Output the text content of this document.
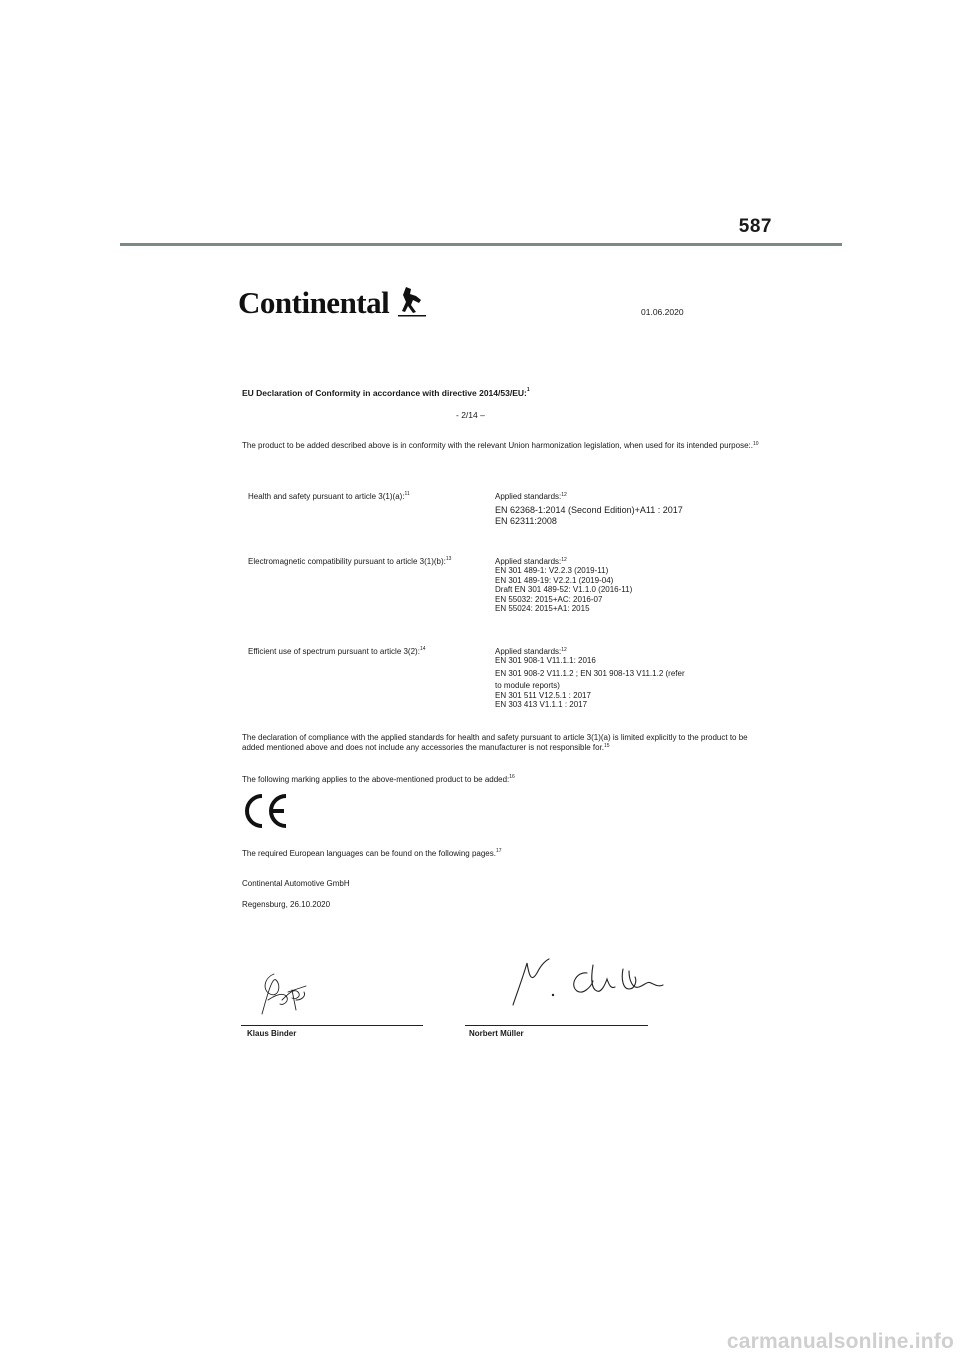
587
Continental	01.06.2020
EU Declaration of Conformity in accordance with directive 2014/53/EU:$^1$
- 2/14 –
The product to be added described above is in conformity with the relevant Union harmonization legislation, when used for its intended purpose:.$^{10}$
Health and safety pursuant to article 3(1)(a):$^{11}$	Applied standards:$^{12}$
EN 62368-1:2014 (Second Edition)+A11 : 2017
EN 62311:2008
Electromagnetic compatibility pursuant to article 3(1)(b):$^{13}$	Applied standards:$^{12}$
EN 301 489-1: V2.2.3 (2019-11)
EN 301 489-19: V2.2.1 (2019-04)
Draft EN 301 489-52: V1.1.0 (2016-11)
EN 55032: 2015+AC: 2016-07
EN 55024: 2015+A1: 2015
Efficient use of spectrum pursuant to article 3(2):$^{14}$	Applied standards:$^{12}$
EN 301 908-1 V11.1.1: 2016
EN 301 908-2 V11.1.2 ; EN 301 908-13 V11.1.2 (refer
to module reports)
EN 301 511 V12.5.1 : 2017
EN 303 413 V1.1.1 : 2017
The declaration of compliance with the applied standards for health and safety pursuant to article 3(1)(a) is limited explicitly to the product to be added mentioned above and does not include any accessories the manufacturer is not responsible for.$^{15}$
The following marking applies to the above-mentioned product to be added:$^{16}$
The required European languages can be found on the following pages.$^{17}$
Continental Automotive GmbH
Regensburg, 26.10.2020
Klaus Binder	Norbert Müller
carmanualsonline.info
